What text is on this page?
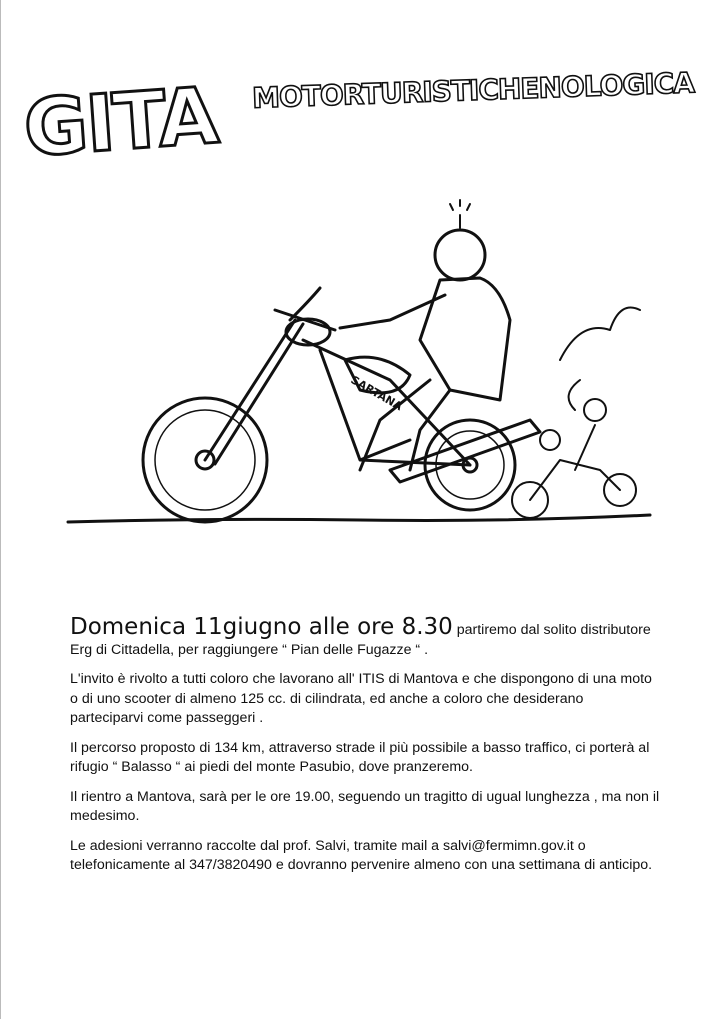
GITA MOTORTURISTICHENOLOGICA
SARTANA

Domenica 11giugno alle ore 8.30 partiremo dal solito distributore
Erg di Cittadella, per raggiungere “ Pian delle Fugazze “ .

L'invito è rivolto a tutti coloro che lavorano all' ITIS di Mantova e che dispongono di una moto o di uno scooter di almeno 125 cc. di cilindrata, ed anche a coloro che desiderano parteciparvi come passeggeri .

Il percorso proposto di 134 km, attraverso strade il più possibile a basso traffico, ci porterà al rifugio “ Balasso “ ai piedi del monte Pasubio, dove pranzeremo.

Il rientro a Mantova, sarà per le ore 19.00, seguendo un tragitto di ugual lunghezza , ma non il medesimo.

Le adesioni verranno raccolte dal prof. Salvi, tramite mail a salvi@fermimn.gov.it o telefonicamente al 347/3820490 e dovranno pervenire almeno con una settimana di anticipo.
